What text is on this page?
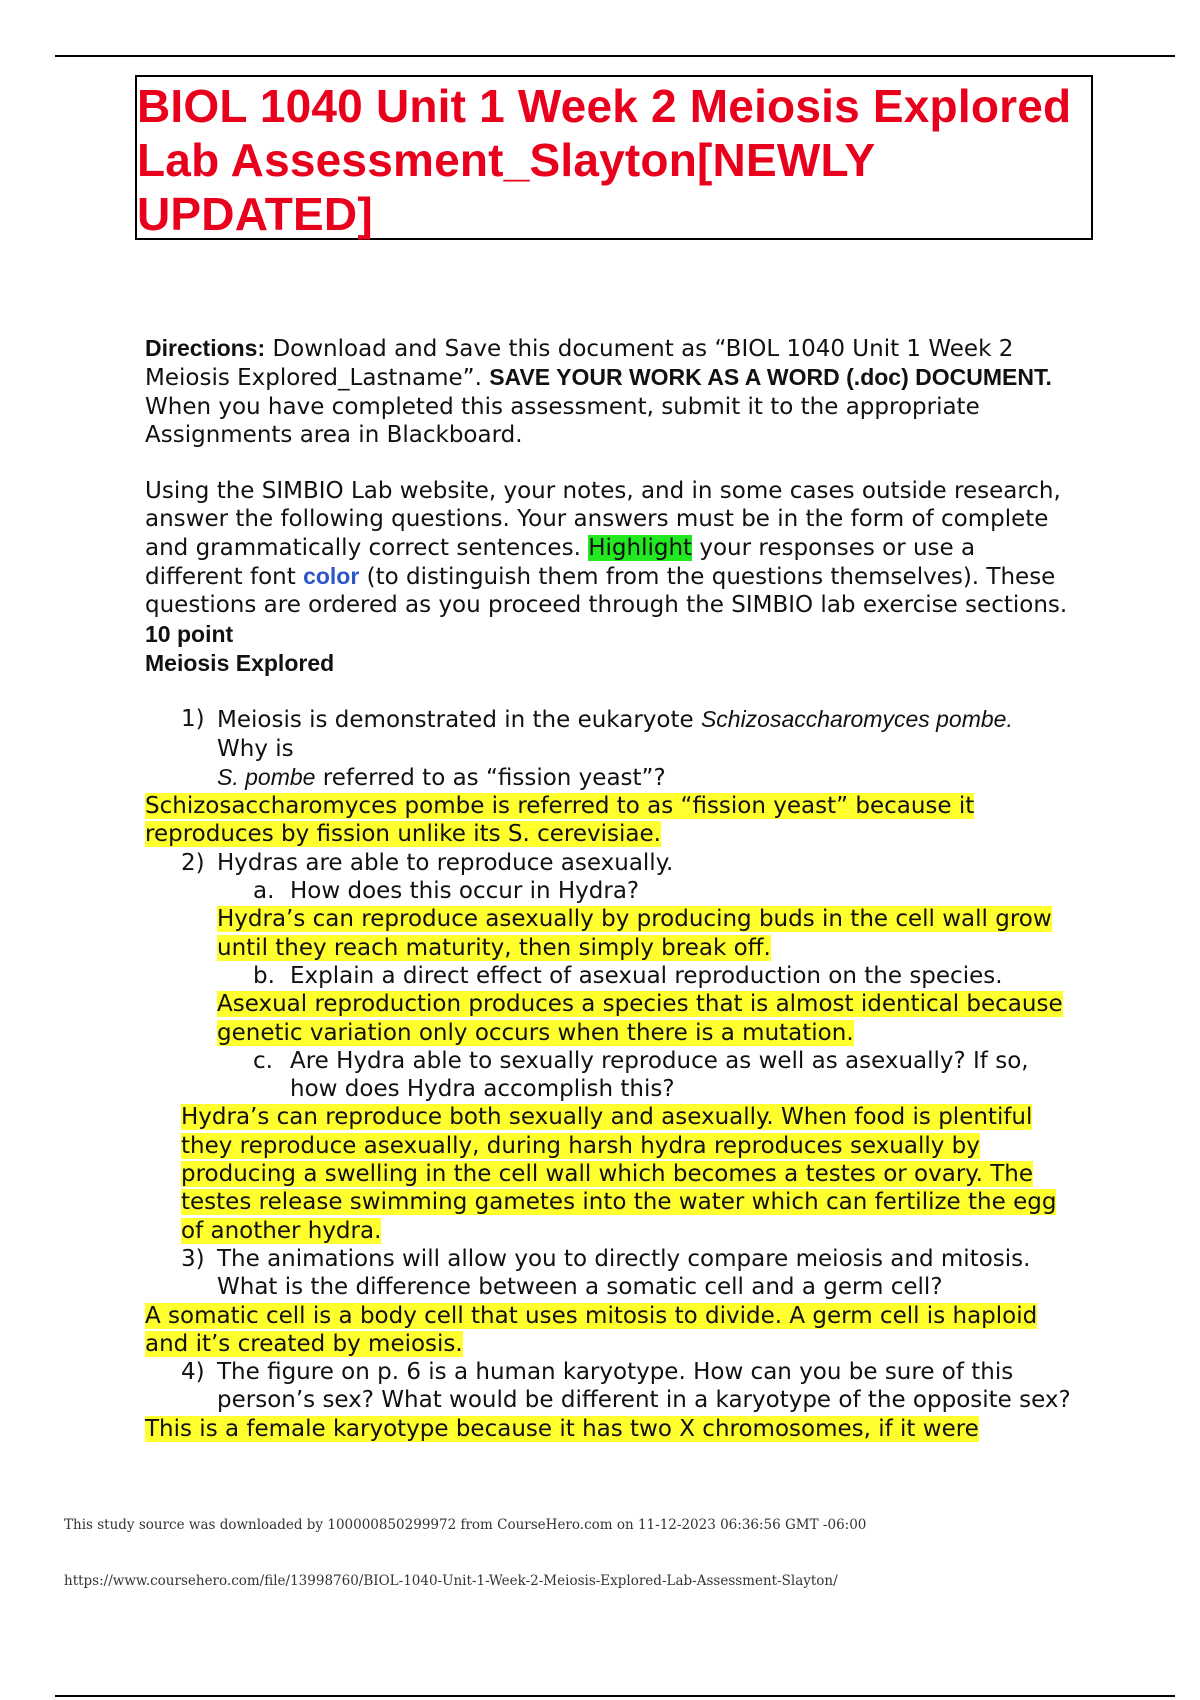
BIOL 1040 Unit 1 Week 2 Meiosis Explored Lab Assessment_Slayton[NEWLY UPDATED]

Directions: Download and Save this document as “BIOL 1040 Unit 1 Week 2 Meiosis Explored_Lastname”. SAVE YOUR WORK AS A WORD (.doc) DOCUMENT. When you have completed this assessment, submit it to the appropriate Assignments area in Blackboard.

Using the SIMBIO Lab website, your notes, and in some cases outside research, answer the following questions. Your answers must be in the form of complete and grammatically correct sentences. Highlight your responses or use a different font color (to distinguish them from the questions themselves). These questions are ordered as you proceed through the SIMBIO lab exercise sections. 10 point

Meiosis Explored

1) Meiosis is demonstrated in the eukaryote Schizosaccharomyces pombe.
Why is
S. pombe referred to as “fission yeast”?

Schizosaccharomyces pombe is referred to as “fission yeast” because it reproduces by fission unlike its S. cerevisiae.

2) Hydras are able to reproduce asexually.

a. How does this occur in Hydra?

Hydra’s can reproduce asexually by producing buds in the cell wall grow until they reach maturity, then simply break off.

b. Explain a direct effect of asexual reproduction on the species.

Asexual reproduction produces a species that is almost identical because genetic variation only occurs when there is a mutation.

c. Are Hydra able to sexually reproduce as well as asexually? If so, how does Hydra accomplish this?

Hydra’s can reproduce both sexually and asexually. When food is plentiful they reproduce asexually, during harsh hydra reproduces sexually by producing a swelling in the cell wall which becomes a testes or ovary. The testes release swimming gametes into the water which can fertilize the egg of another hydra.

3) The animations will allow you to directly compare meiosis and mitosis. What is the difference between a somatic cell and a germ cell?

A somatic cell is a body cell that uses mitosis to divide. A germ cell is haploid and it’s created by meiosis.

4) The figure on p. 6 is a human karyotype. How can you be sure of this person’s sex? What would be different in a karyotype of the opposite sex?

This is a female karyotype because it has two X chromosomes, if it were

This study source was downloaded by 100000850299972 from CourseHero.com on 11-12-2023 06:36:56 GMT -06:00
https://www.coursehero.com/file/13998760/BIOL-1040-Unit-1-Week-2-Meiosis-Explored-Lab-Assessment-Slayton/
